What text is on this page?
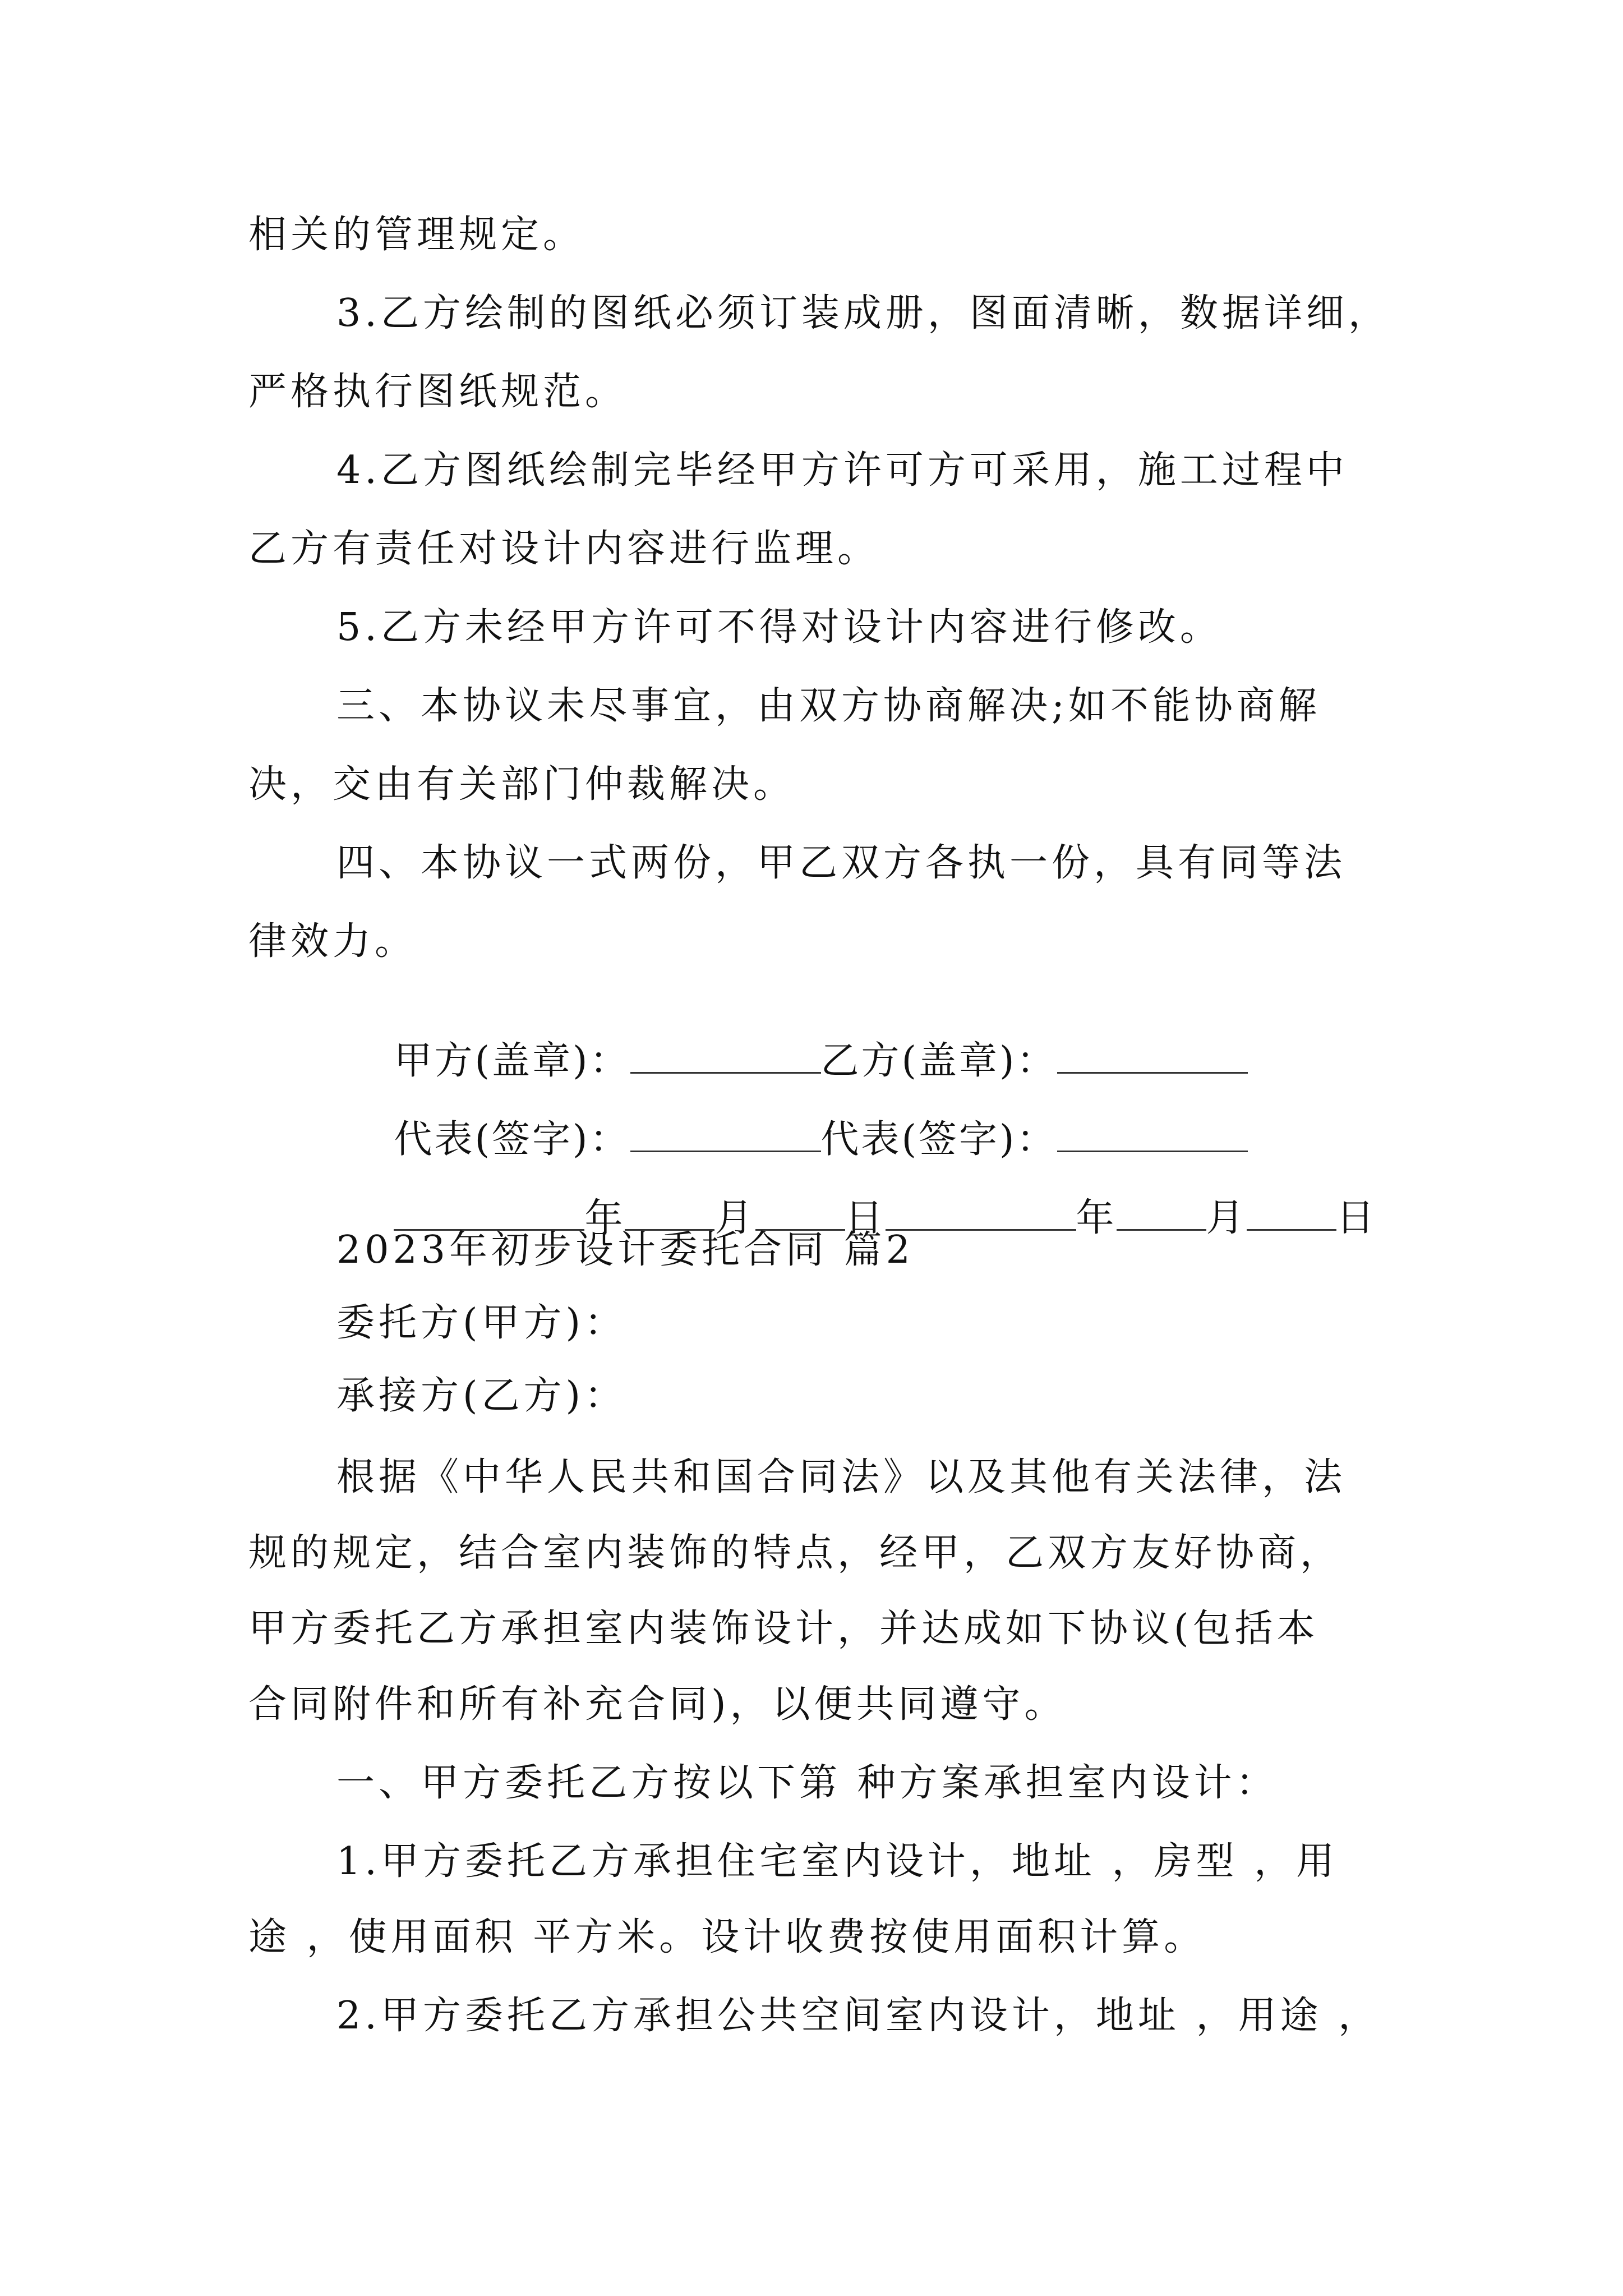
相关的管理规定。
3.乙方绘制的图纸必须订装成册，图面清晰，数据详细，
严格执行图纸规范。
4.乙方图纸绘制完毕经甲方许可方可采用，施工过程中
乙方有责任对设计内容进行监理。
5.乙方未经甲方许可不得对设计内容进行修改。
三、本协议未尽事宜，由双方协商解决;如不能协商解
决，交由有关部门仲裁解决。
四、本协议一式两份，甲乙双方各执一份，具有同等法
律效力。

甲方(盖章)：	乙方(盖章)：

代表(签字)：	代表(签字)：

年 月 日	年 月 日

2023年初步设计委托合同 篇2
委托方(甲方)：
承接方(乙方)：
根据《中华人民共和国合同法》以及其他有关法律，法
规的规定，结合室内装饰的特点，经甲，乙双方友好协商，
甲方委托乙方承担室内装饰设计，并达成如下协议(包括本
合同附件和所有补充合同)，以便共同遵守。
一、甲方委托乙方按以下第 种方案承担室内设计：
1.甲方委托乙方承担住宅室内设计，地址 ，房型 ，用
途 ，使用面积 平方米。设计收费按使用面积计算。
2.甲方委托乙方承担公共空间室内设计，地址 ，用途 ，
